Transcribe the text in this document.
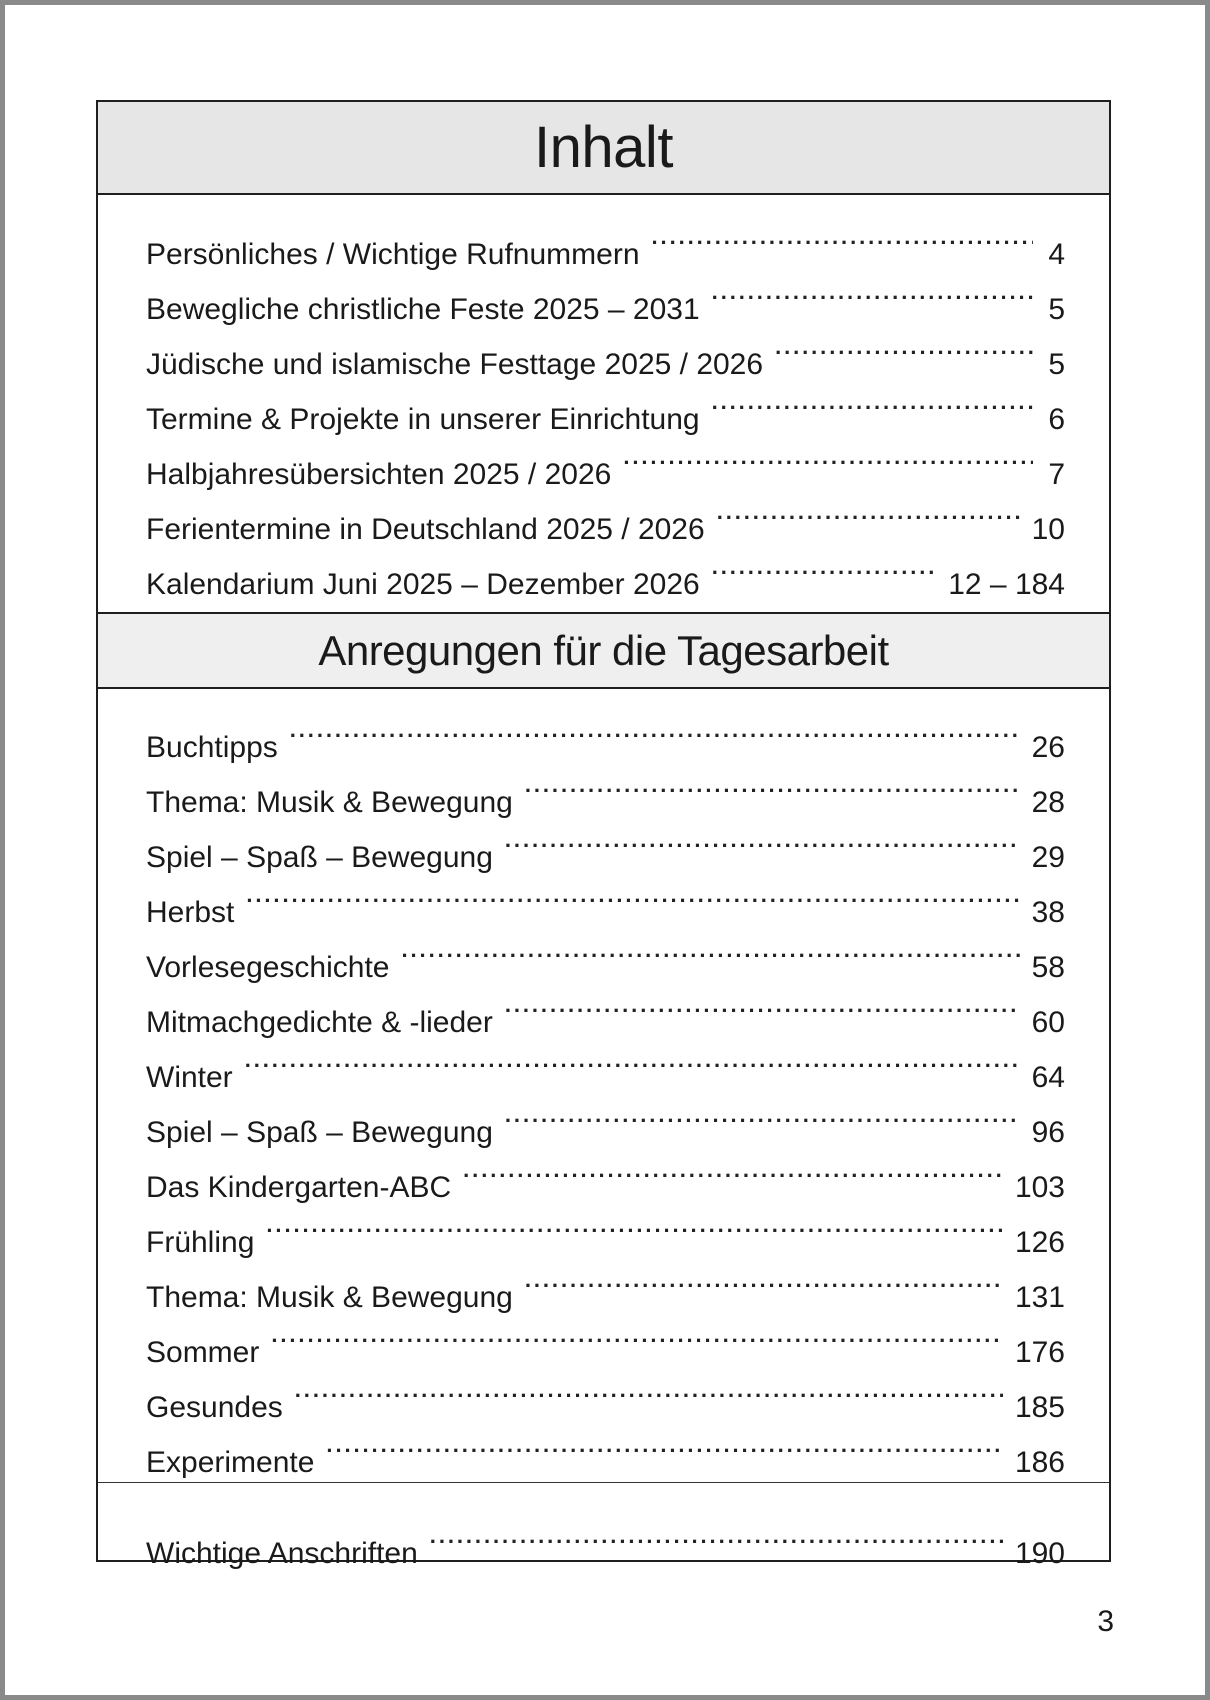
Inhalt
Persönliches / Wichtige Rufnummern . . .	4
Bewegliche christliche Feste 2025 – 2031 . . .	5
Jüdische und islamische Festtage 2025 / 2026 . . .	5
Termine & Projekte in unserer Einrichtung . . .	6
Halbjahresübersichten 2025 / 2026 . . .	7
Ferientermine in Deutschland 2025 / 2026 . . .	10
Kalendarium Juni 2025 – Dezember 2026 . . .	12 – 184
Anregungen für die Tagesarbeit
Buchtipps . . .	26
Thema: Musik & Bewegung . . .	28
Spiel – Spaß – Bewegung . . .	29
Herbst . . .	38
Vorlesegeschichte . . .	58
Mitmachgedichte & -lieder . . .	60
Winter . . .	64
Spiel – Spaß – Bewegung . . .	96
Das Kindergarten-ABC . . .	103
Frühling . . .	126
Thema: Musik & Bewegung . . .	131
Sommer . . .	176
Gesundes . . .	185
Experimente . . .	186
Wichtige Anschriften . . .	190
3
